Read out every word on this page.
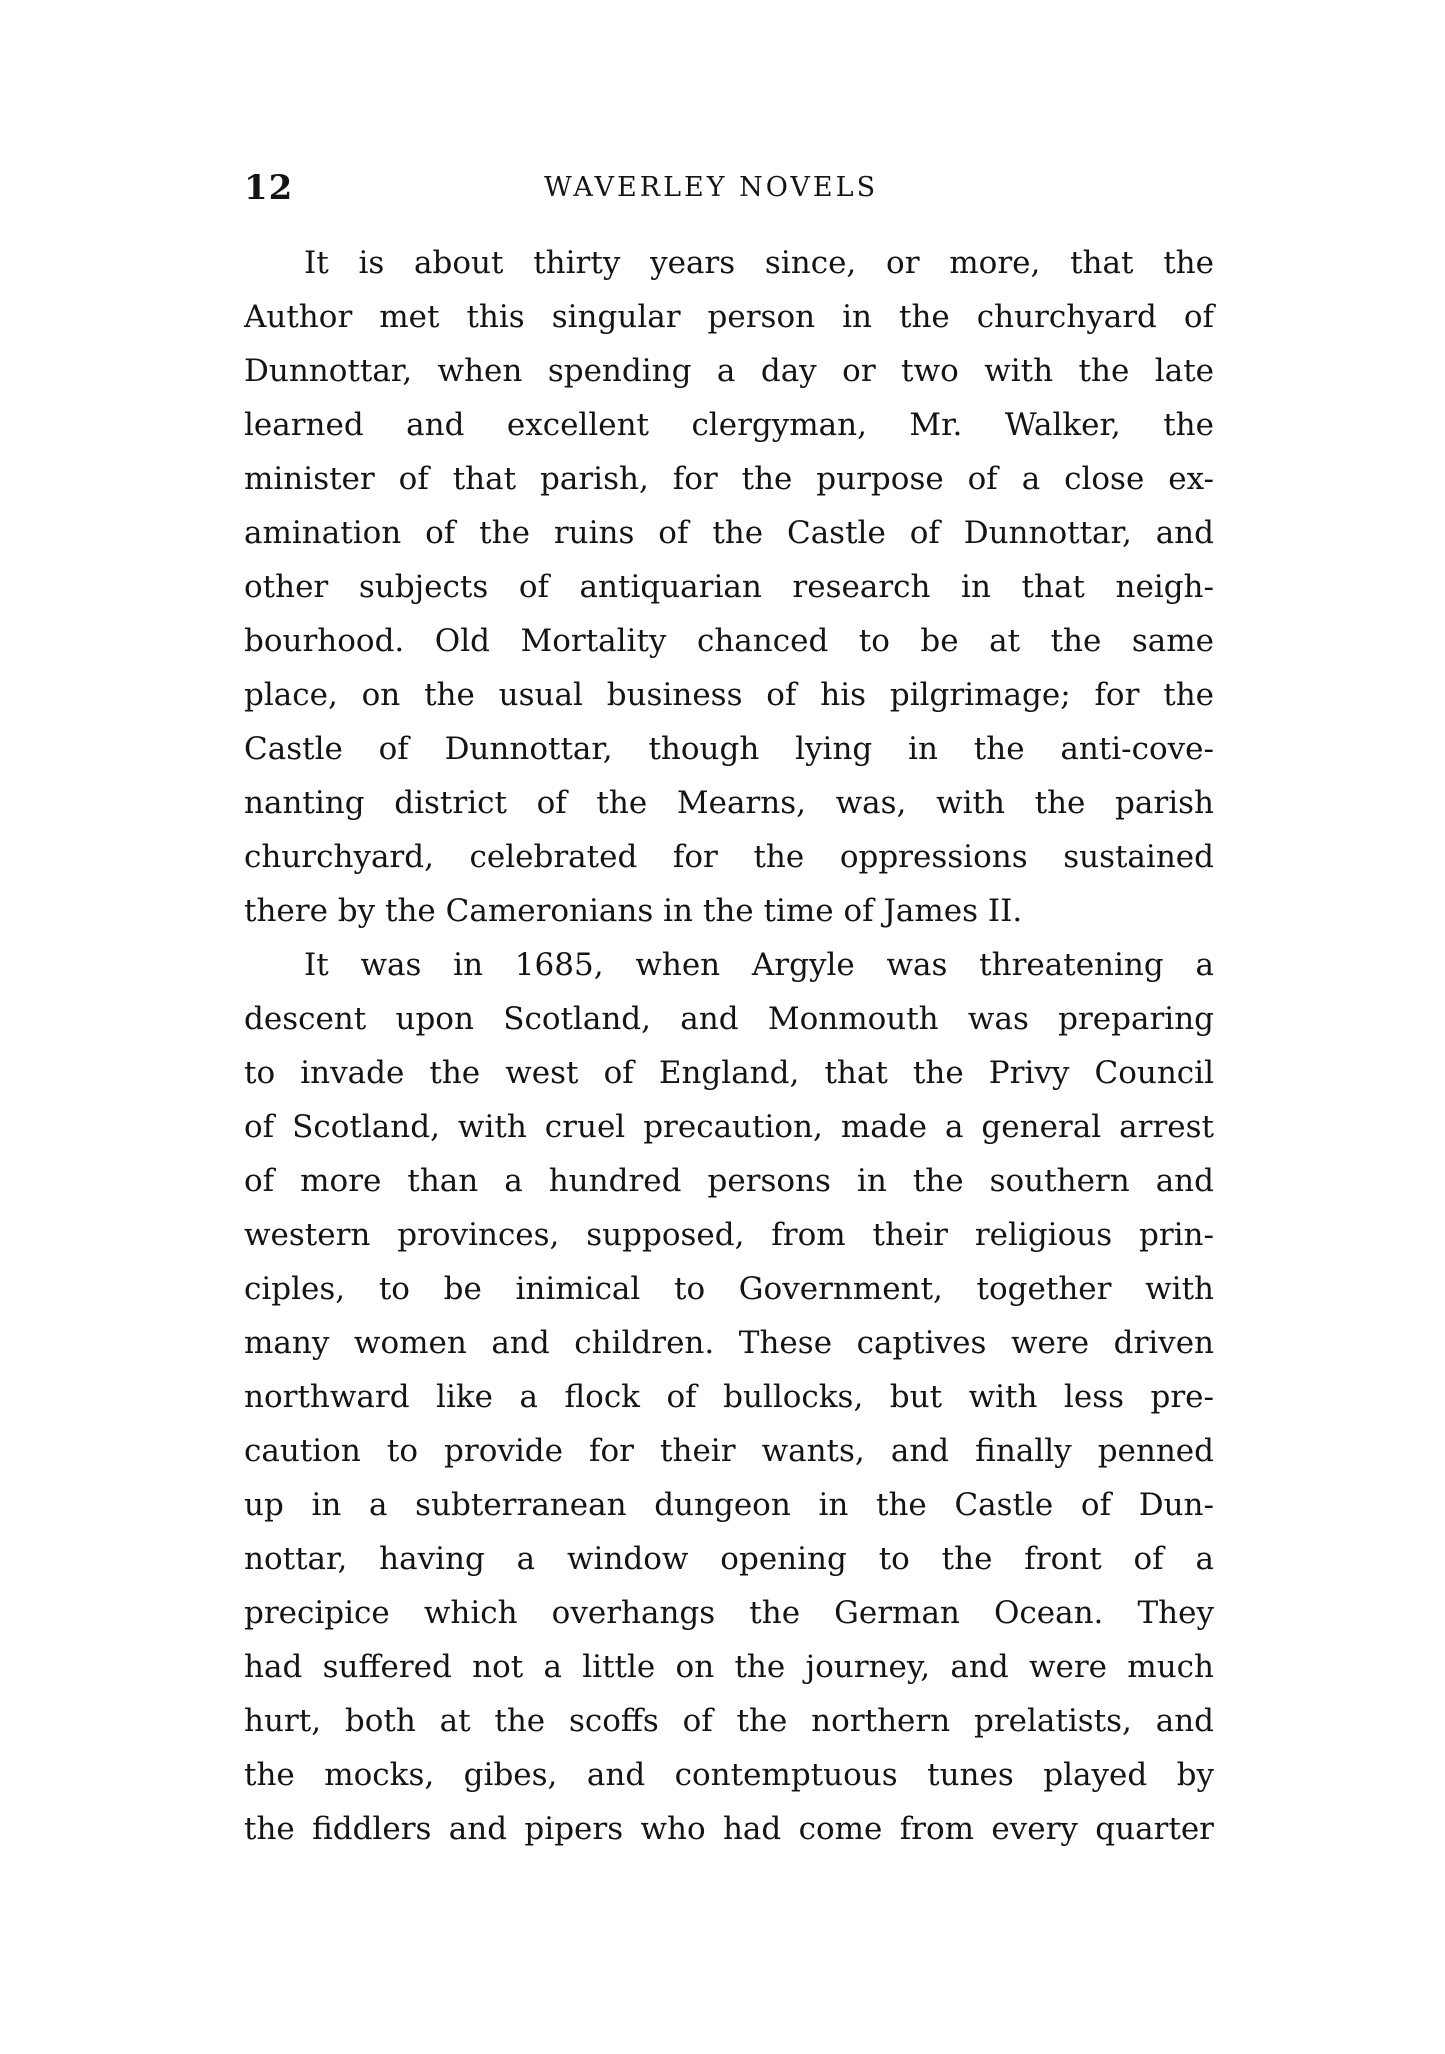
12	WAVERLEY NOVELS
It is about thirty years since, or more, that the
Author met this singular person in the churchyard of
Dunnottar, when spending a day or two with the late
learned and excellent clergyman, Mr. Walker, the
minister of that parish, for the purpose of a close ex-
amination of the ruins of the Castle of Dunnottar, and
other subjects of antiquarian research in that neigh-
bourhood. Old Mortality chanced to be at the same
place, on the usual business of his pilgrimage; for the
Castle of Dunnottar, though lying in the anti-cove-
nanting district of the Mearns, was, with the parish
churchyard, celebrated for the oppressions sustained
there by the Cameronians in the time of James II.
It was in 1685, when Argyle was threatening a
descent upon Scotland, and Monmouth was preparing
to invade the west of England, that the Privy Council
of Scotland, with cruel precaution, made a general arrest
of more than a hundred persons in the southern and
western provinces, supposed, from their religious prin-
ciples, to be inimical to Government, together with
many women and children. These captives were driven
northward like a flock of bullocks, but with less pre-
caution to provide for their wants, and finally penned
up in a subterranean dungeon in the Castle of Dun-
nottar, having a window opening to the front of a
precipice which overhangs the German Ocean. They
had suffered not a little on the journey, and were much
hurt, both at the scoffs of the northern prelatists, and
the mocks, gibes, and contemptuous tunes played by
the fiddlers and pipers who had come from every quarter
